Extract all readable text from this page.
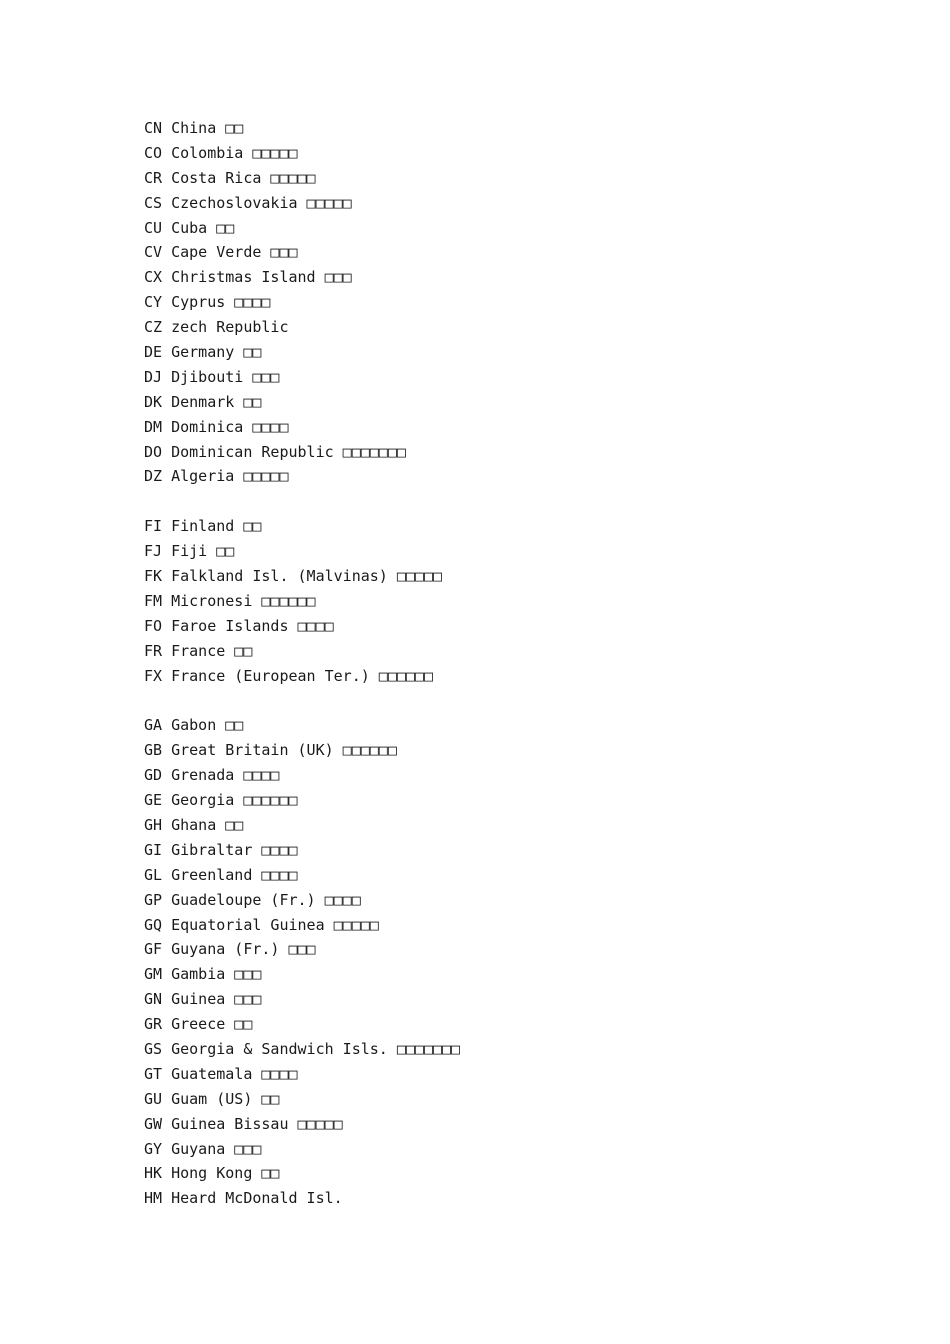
CN China □□
CO Colombia □□□□□
CR Costa Rica □□□□□
CS Czechoslovakia □□□□□
CU Cuba □□
CV Cape Verde □□□
CX Christmas Island □□□
CY Cyprus □□□□
CZ zech Republic
DE Germany □□
DJ Djibouti □□□
DK Denmark □□
DM Dominica □□□□
DO Dominican Republic □□□□□□□
DZ Algeria □□□□□
FI Finland □□
FJ Fiji □□
FK Falkland Isl. (Malvinas) □□□□□
FM Micronesi □□□□□□
FO Faroe Islands □□□□
FR France □□
FX France (European Ter.) □□□□□□
GA Gabon □□
GB Great Britain (UK) □□□□□□
GD Grenada □□□□
GE Georgia □□□□□□
GH Ghana □□
GI Gibraltar □□□□
GL Greenland □□□□
GP Guadeloupe (Fr.) □□□□
GQ Equatorial Guinea □□□□□
GF Guyana (Fr.) □□□
GM Gambia □□□
GN Guinea □□□
GR Greece □□
GS Georgia & Sandwich Isls. □□□□□□□
GT Guatemala □□□□
GU Guam (US) □□
GW Guinea Bissau □□□□□
GY Guyana □□□
HK Hong Kong □□
HM Heard McDonald Isl.
